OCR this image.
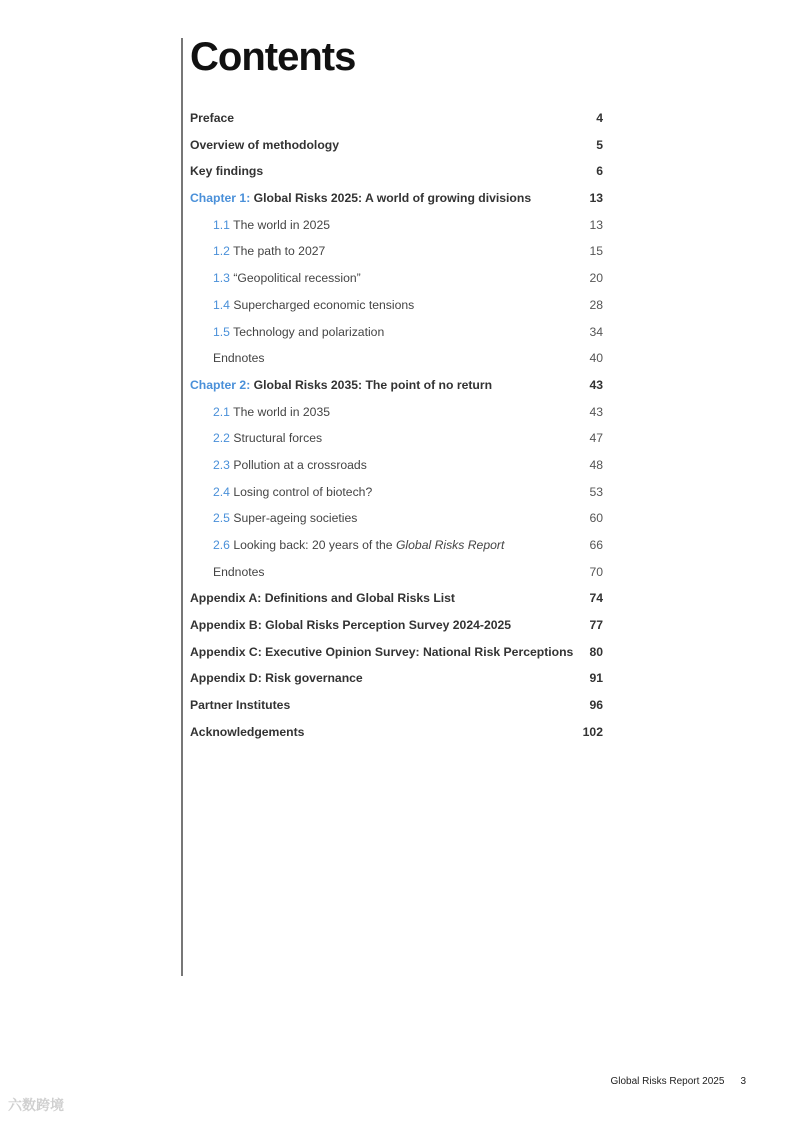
Contents
Preface	4
Overview of methodology	5
Key findings	6
Chapter 1: Global Risks 2025: A world of growing divisions	13
1.1 The world in 2025	13
1.2 The path to 2027	15
1.3 “Geopolitical recession”	20
1.4 Supercharged economic tensions	28
1.5 Technology and polarization	34
Endnotes	40
Chapter 2: Global Risks 2035: The point of no return	43
2.1 The world in 2035	43
2.2 Structural forces	47
2.3 Pollution at a crossroads	48
2.4 Losing control of biotech?	53
2.5 Super-ageing societies	60
2.6 Looking back: 20 years of the Global Risks Report	66
Endnotes	70
Appendix A: Definitions and Global Risks List	74
Appendix B: Global Risks Perception Survey 2024-2025	77
Appendix C: Executive Opinion Survey: National Risk Perceptions 80
Appendix D: Risk governance	91
Partner Institutes	96
Acknowledgements	102
Global Risks Report 2025 3
六数跨境
